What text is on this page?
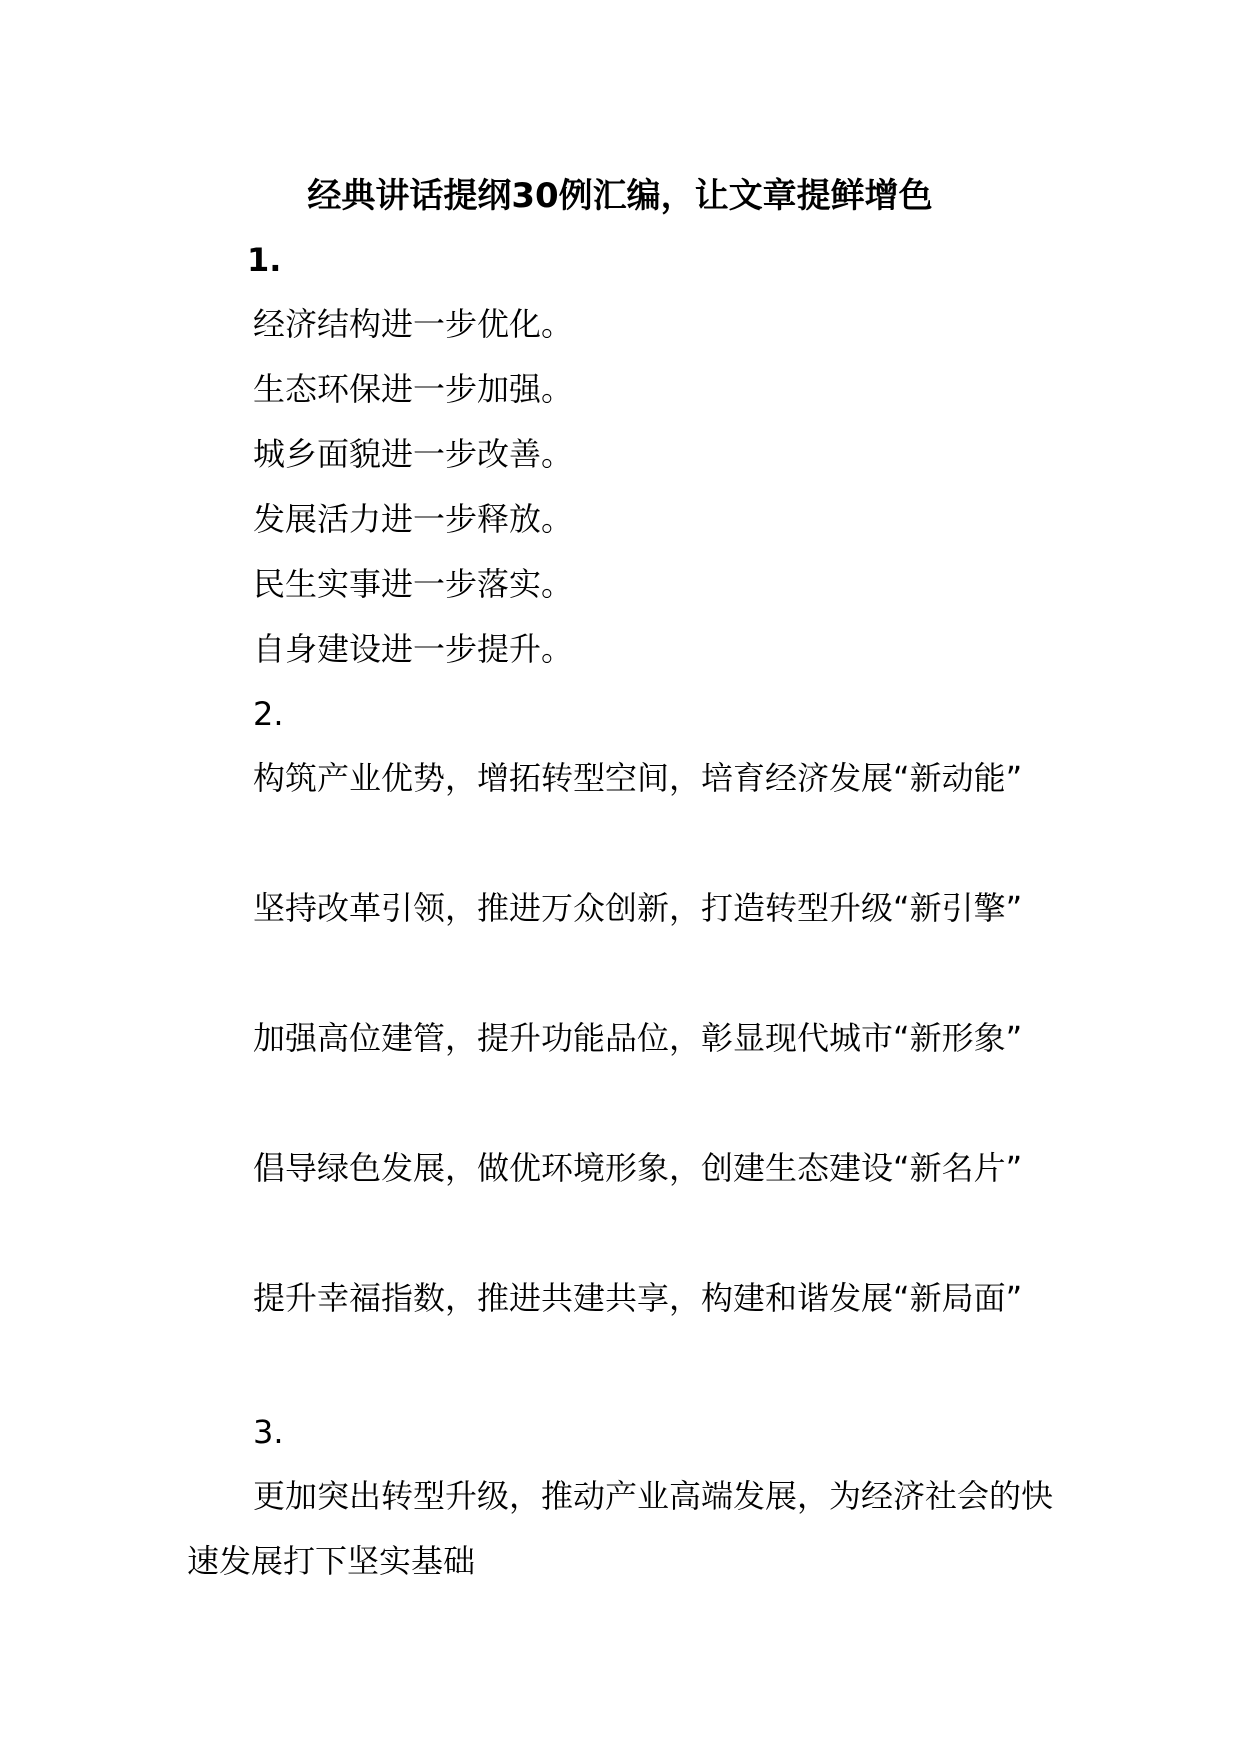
经典讲话提纲30例汇编，让文章提鲜增色
1.
经济结构进一步优化。
生态环保进一步加强。
城乡面貌进一步改善。
发展活力进一步释放。
民生实事进一步落实。
自身建设进一步提升。
2.
构筑产业优势，增拓转型空间，培育经济发展“新动能”
坚持改革引领，推进万众创新，打造转型升级“新引擎”
加强高位建管，提升功能品位，彰显现代城市“新形象”
倡导绿色发展，做优环境形象，创建生态建设“新名片”
提升幸福指数，推进共建共享，构建和谐发展“新局面”
3.
更加突出转型升级，推动产业高端发展，为经济社会的快速发展打下坚实基础
